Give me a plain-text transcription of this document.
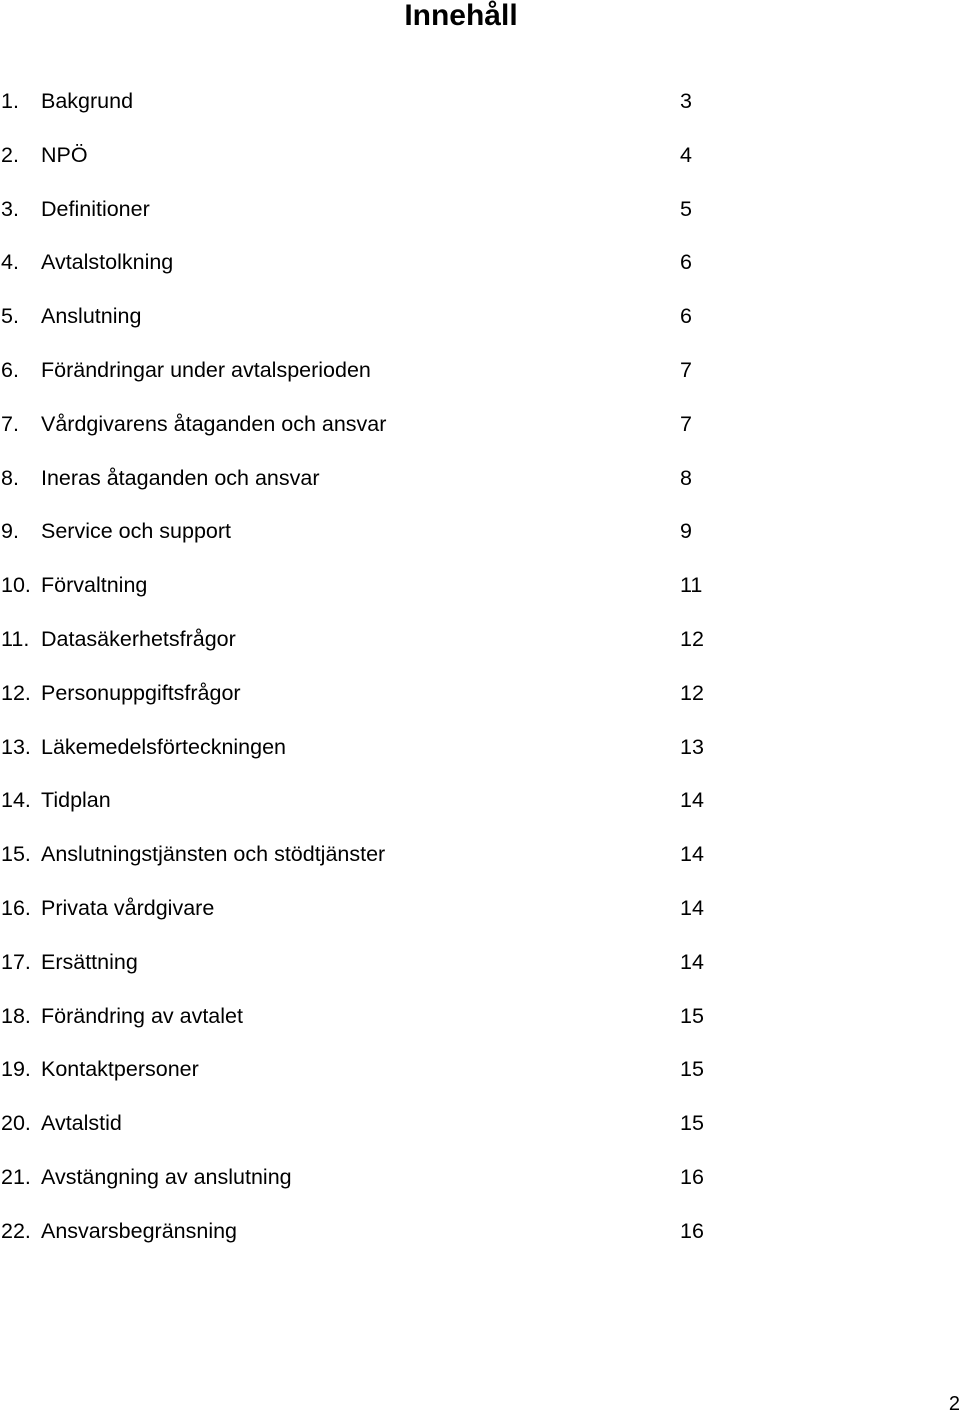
Innehåll
1. Bakgrund	3
2. NPÖ	4
3. Definitioner	5
4. Avtalstolkning	6
5. Anslutning	6
6. Förändringar under avtalsperioden	7
7. Vårdgivarens åtaganden och ansvar	7
8. Ineras åtaganden och ansvar	8
9. Service och support	9
10. Förvaltning	11
11. Datasäkerhetsfrågor	12
12. Personuppgiftsfrågor	12
13. Läkemedelsförteckningen	13
14. Tidplan	14
15. Anslutningstjänsten och stödtjänster	14
16. Privata vårdgivare	14
17. Ersättning	14
18. Förändring av avtalet	15
19. Kontaktpersoner	15
20. Avtalstid	15
21. Avstängning av anslutning	16
22. Ansvarsbegränsning	16
2
